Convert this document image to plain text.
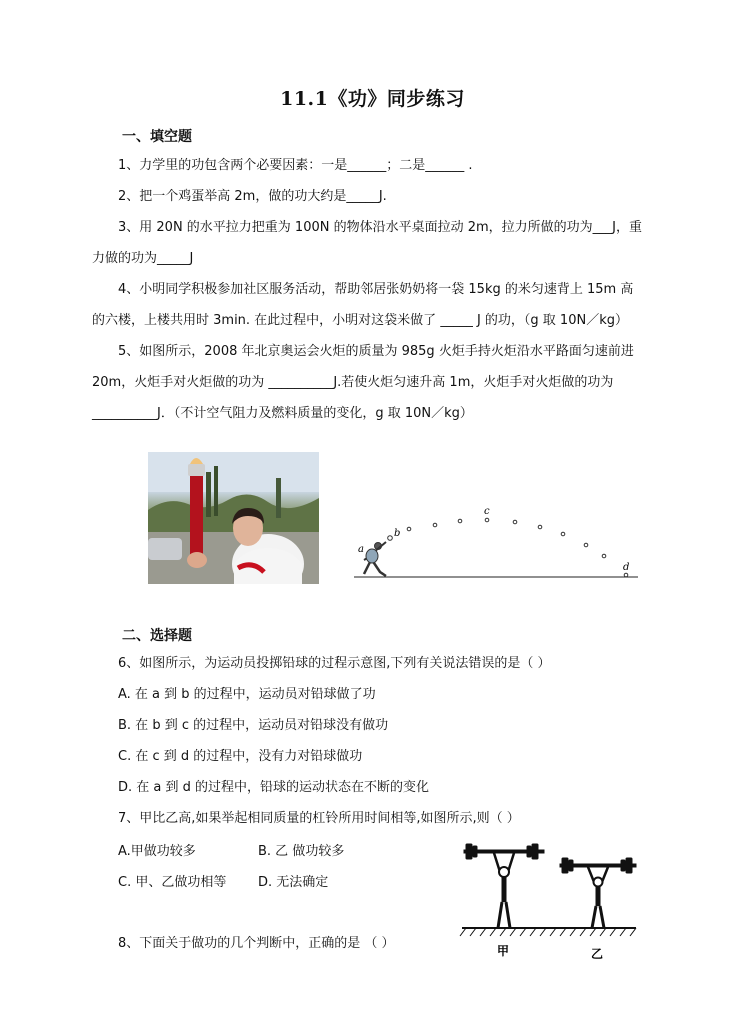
11.1《功》同步练习
一、填空题
1、力学里的功包含两个必要因素：一是______；二是______ .
2、把一个鸡蛋举高 2m，做的功大约是_____J.
3、用 20N 的水平拉力把重为 100N 的物体沿水平桌面拉动 2m，拉力所做的功为___J，重
力做的功为_____J
4、小明同学积极参加社区服务活动，帮助邻居张奶奶将一袋 15kg 的米匀速背上 15m 高
的六楼，上楼共用时 3min. 在此过程中，小明对这袋米做了 _____ J 的功，（g 取 10N／kg）
5、如图所示，2008 年北京奥运会火炬的质量为 985g 火炬手持火炬沿水平路面匀速前进
20m，火炬手对火炬做的功为 __________J.若使火炬匀速升高 1m，火炬手对火炬做的功为
__________J．（不计空气阻力及燃料质量的变化，g 取 10N／kg）
a
b
c
d
二、选择题
6、如图所示，为运动员投掷铅球的过程示意图,下列有关说法错误的是（ ）
A. 在 a 到 b 的过程中，运动员对铅球做了功
B. 在 b 到 c 的过程中，运动员对铅球没有做功
C. 在 c 到 d 的过程中，没有力对铅球做功
D. 在 a 到 d 的过程中，铅球的运动状态在不断的变化
7、甲比乙高,如果举起相同质量的杠铃所用时间相等,如图所示,则（ ）
A.甲做功较多	B. 乙 做功较多
C. 甲、乙做功相等 D. 无法确定
8、下面关于做功的几个判断中，正确的是 （ ）	甲	乙
